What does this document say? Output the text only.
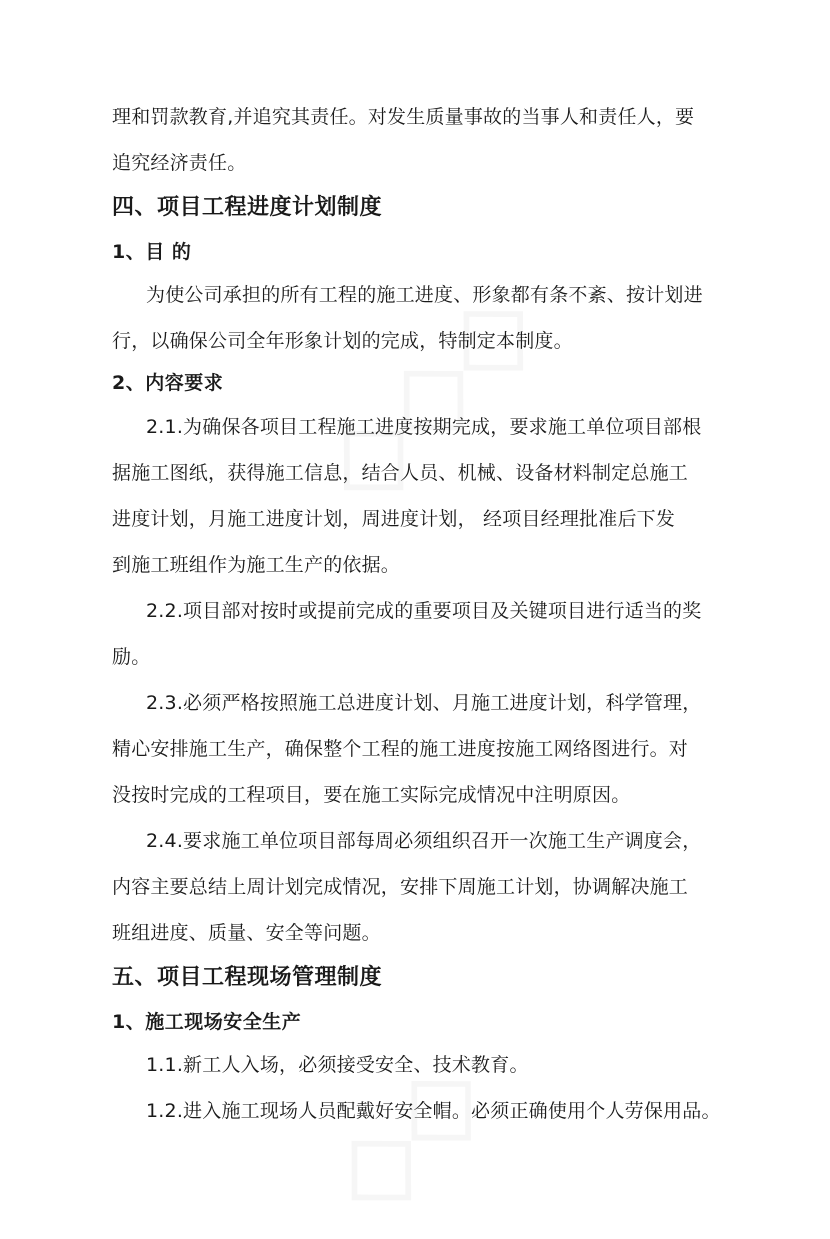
理和罚款教育,并追究其责任。对发生质量事故的当事人和责任人，要
追究经济责任。
四、项目工程进度计划制度
1、目 的
为使公司承担的所有工程的施工进度、形象都有条不紊、按计划进
行，以确保公司全年形象计划的完成，特制定本制度。
2、内容要求
2.1.为确保各项目工程施工进度按期完成，要求施工单位项目部根
据施工图纸，获得施工信息，结合人员、机械、设备材料制定总施工
进度计划，月施工进度计划，周进度计划， 经项目经理批准后下发
到施工班组作为施工生产的依据。
2.2.项目部对按时或提前完成的重要项目及关键项目进行适当的奖
励。
2.3.必须严格按照施工总进度计划、月施工进度计划，科学管理，
精心安排施工生产，确保整个工程的施工进度按施工网络图进行。对
没按时完成的工程项目，要在施工实际完成情况中注明原因。
2.4.要求施工单位项目部每周必须组织召开一次施工生产调度会，
内容主要总结上周计划完成情况，安排下周施工计划，协调解决施工
班组进度、质量、安全等问题。
五、项目工程现场管理制度
1、施工现场安全生产
1.1.新工人入场，必须接受安全、技术教育。
1.2.进入施工现场人员配戴好安全帽。必须正确使用个人劳保用品。
